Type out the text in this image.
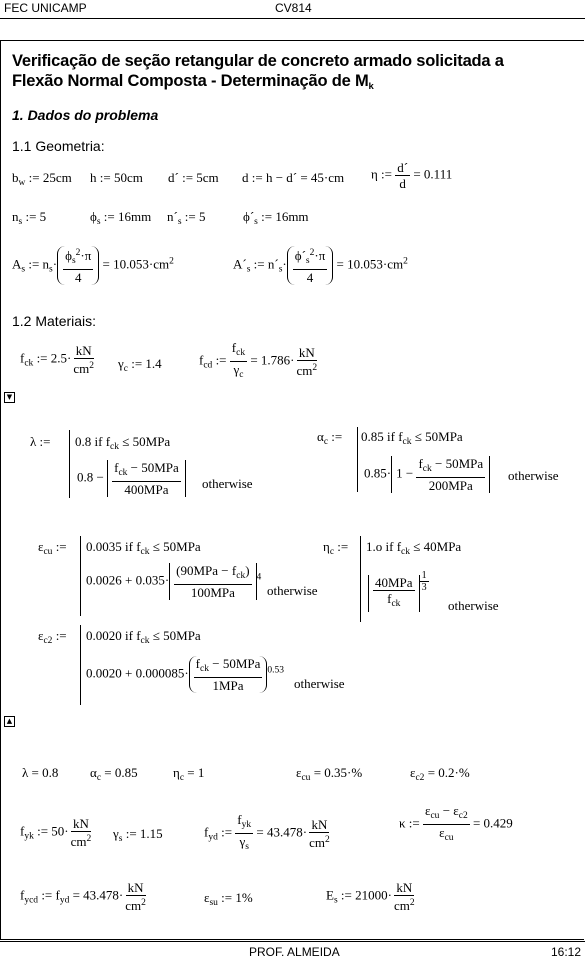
FEC UNICAMP	CV814
Verificação de seção retangular de concreto armado solicitada a
Flexão Normal Composta - Determinação de $M_k$
1. Dados do problema
1.1 Geometria:
$b_w$ := 25cm h := 50cm d´ := 5cm d := h − d´ = 45·cm η := $\frac{d´}{d} = 0.111$
$n_s$ := 5	$\phi_s$ := 16mm $n´_s$ := 5	$\phi´_s$ := 16mm
$A_s$ := $n_s\cdot \frac{\phi_s^2\cdot\pi}{4} = 10.053\cdot cm^2$	$A´_s$ := $n´_s\cdot \frac{\phi´_s^2\cdot\pi}{4} = 10.053\cdot cm^2$
1.2 Materiais:
$f_{ck}$ := $2.5\cdot \frac{kN}{cm^2} \gamma_c$ := 1.4	$f_{cd}$ := $\frac{f_{ck}}{\gamma_c} = 1.786\cdot \frac{kN}{cm^2}$
▼
λ := 0.8 if $f_{ck} \le 50MPa$
$0.8 - \frac{f_{ck} - 50MPa}{\text{400MPa}}$ otherwise
$\alpha_c$ := 0.85 if $f_{ck} \le 50MPa$
$0.85\cdot 1 - \frac{f_{ck} - 50MPa}{\text{200MPa}}$ otherwise
$\varepsilon_{cu}$ := 0.0035 if $f_{ck} \le 50MPa$
$0.0026 + 0.035\cdot \frac{(90MPa - f_{ck})}{\text{100MPa}} ^4$
otherwise
$\varepsilon_{c2}$ := 0.0020 if $f_{ck} \le 50MPa$
$0.0020 + 0.000085\cdot \frac{f_{ck} - 50MPa}{\text{1MPa}} ^{0.53}$
otherwise
$\eta_c$ := 1.o if $f_{ck} \le 40MPa$
$\frac{\text{40MPa}}{f_{ck}} \frac{1}{3}$
otherwise
▲
λ = 0.8 $\alpha_c = 0.85$	$\eta_c = 1$	$\varepsilon_{cu} = 0.35\cdot\%$	$\varepsilon_{c2} = 0.2\cdot\%$
$f_{yk}$ := $50\cdot \frac{kN}{cm^2} \gamma_s$ := 1.15	$f_{yd}$ := $\frac{f_{yk}}{\gamma_s} = 43.478\cdot \frac{kN}{cm^2}$	κ := $\frac{\varepsilon_{cu} - \varepsilon_{c2}}{\varepsilon_{cu}} = 0.429$
$f_{ycd}$ := $f_{yd} = 43.478\cdot \frac{kN}{cm^2}$	$\varepsilon_{su}$ := 1%	$E_s$ := $21000\cdot \frac{kN}{cm^2}$
PROF. ALMEIDA	16:12
